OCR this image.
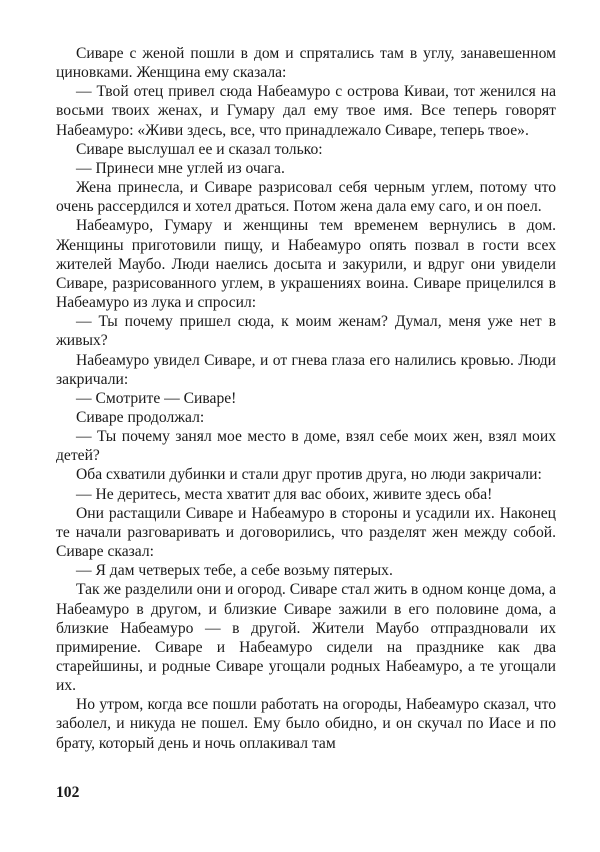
Сиваре с женой пошли в дом и спрятались там в углу, занавешенном циновками. Женщина ему сказала:

— Твой отец привел сюда Набеамуро с острова Киваи, тот женился на восьми твоих женах, и Гумару дал ему твое имя. Все теперь говорят Набеамуро: «Живи здесь, все, что принадлежало Сиваре, теперь твое».

Сиваре выслушал ее и сказал только:

— Принеси мне углей из очага.

Жена принесла, и Сиваре разрисовал себя черным углем, потому что очень рассердился и хотел драться. Потом жена дала ему саго, и он поел.

Набеамуро, Гумару и женщины тем временем вернулись в дом. Женщины приготовили пищу, и Набеамуро опять позвал в гости всех жителей Маубо. Люди наелись досыта и закурили, и вдруг они увидели Сиваре, разрисованного углем, в украшениях воина. Сиваре прицелился в Набеамуро из лука и спросил:

— Ты почему пришел сюда, к моим женам? Думал, меня уже нет в живых?

Набеамуро увидел Сиваре, и от гнева глаза его налились кровью. Люди закричали:

— Смотрите — Сиваре!

Сиваре продолжал:

— Ты почему занял мое место в доме, взял себе моих жен, взял моих детей?

Оба схватили дубинки и стали друг против друга, но люди закричали:

— Не деритесь, места хватит для вас обоих, живите здесь оба!

Они растащили Сиваре и Набеамуро в стороны и усадили их. Наконец те начали разговаривать и договорились, что разделят жен между собой. Сиваре сказал:

— Я дам четверых тебе, а себе возьму пятерых.

Так же разделили они и огород. Сиваре стал жить в одном конце дома, а Набеамуро в другом, и близкие Сиваре зажили в его половине дома, а близкие Набеамуро — в другой. Жители Маубо отпраздновали их примирение. Сиваре и Набеамуро сидели на празднике как два старейшины, и родные Сиваре угощали родных Набеамуро, а те угощали их.

Но утром, когда все пошли работать на огороды, Набеамуро сказал, что заболел, и никуда не пошел. Ему было обидно, и он скучал по Иасе и по брату, который день и ночь оплакивал там

102
